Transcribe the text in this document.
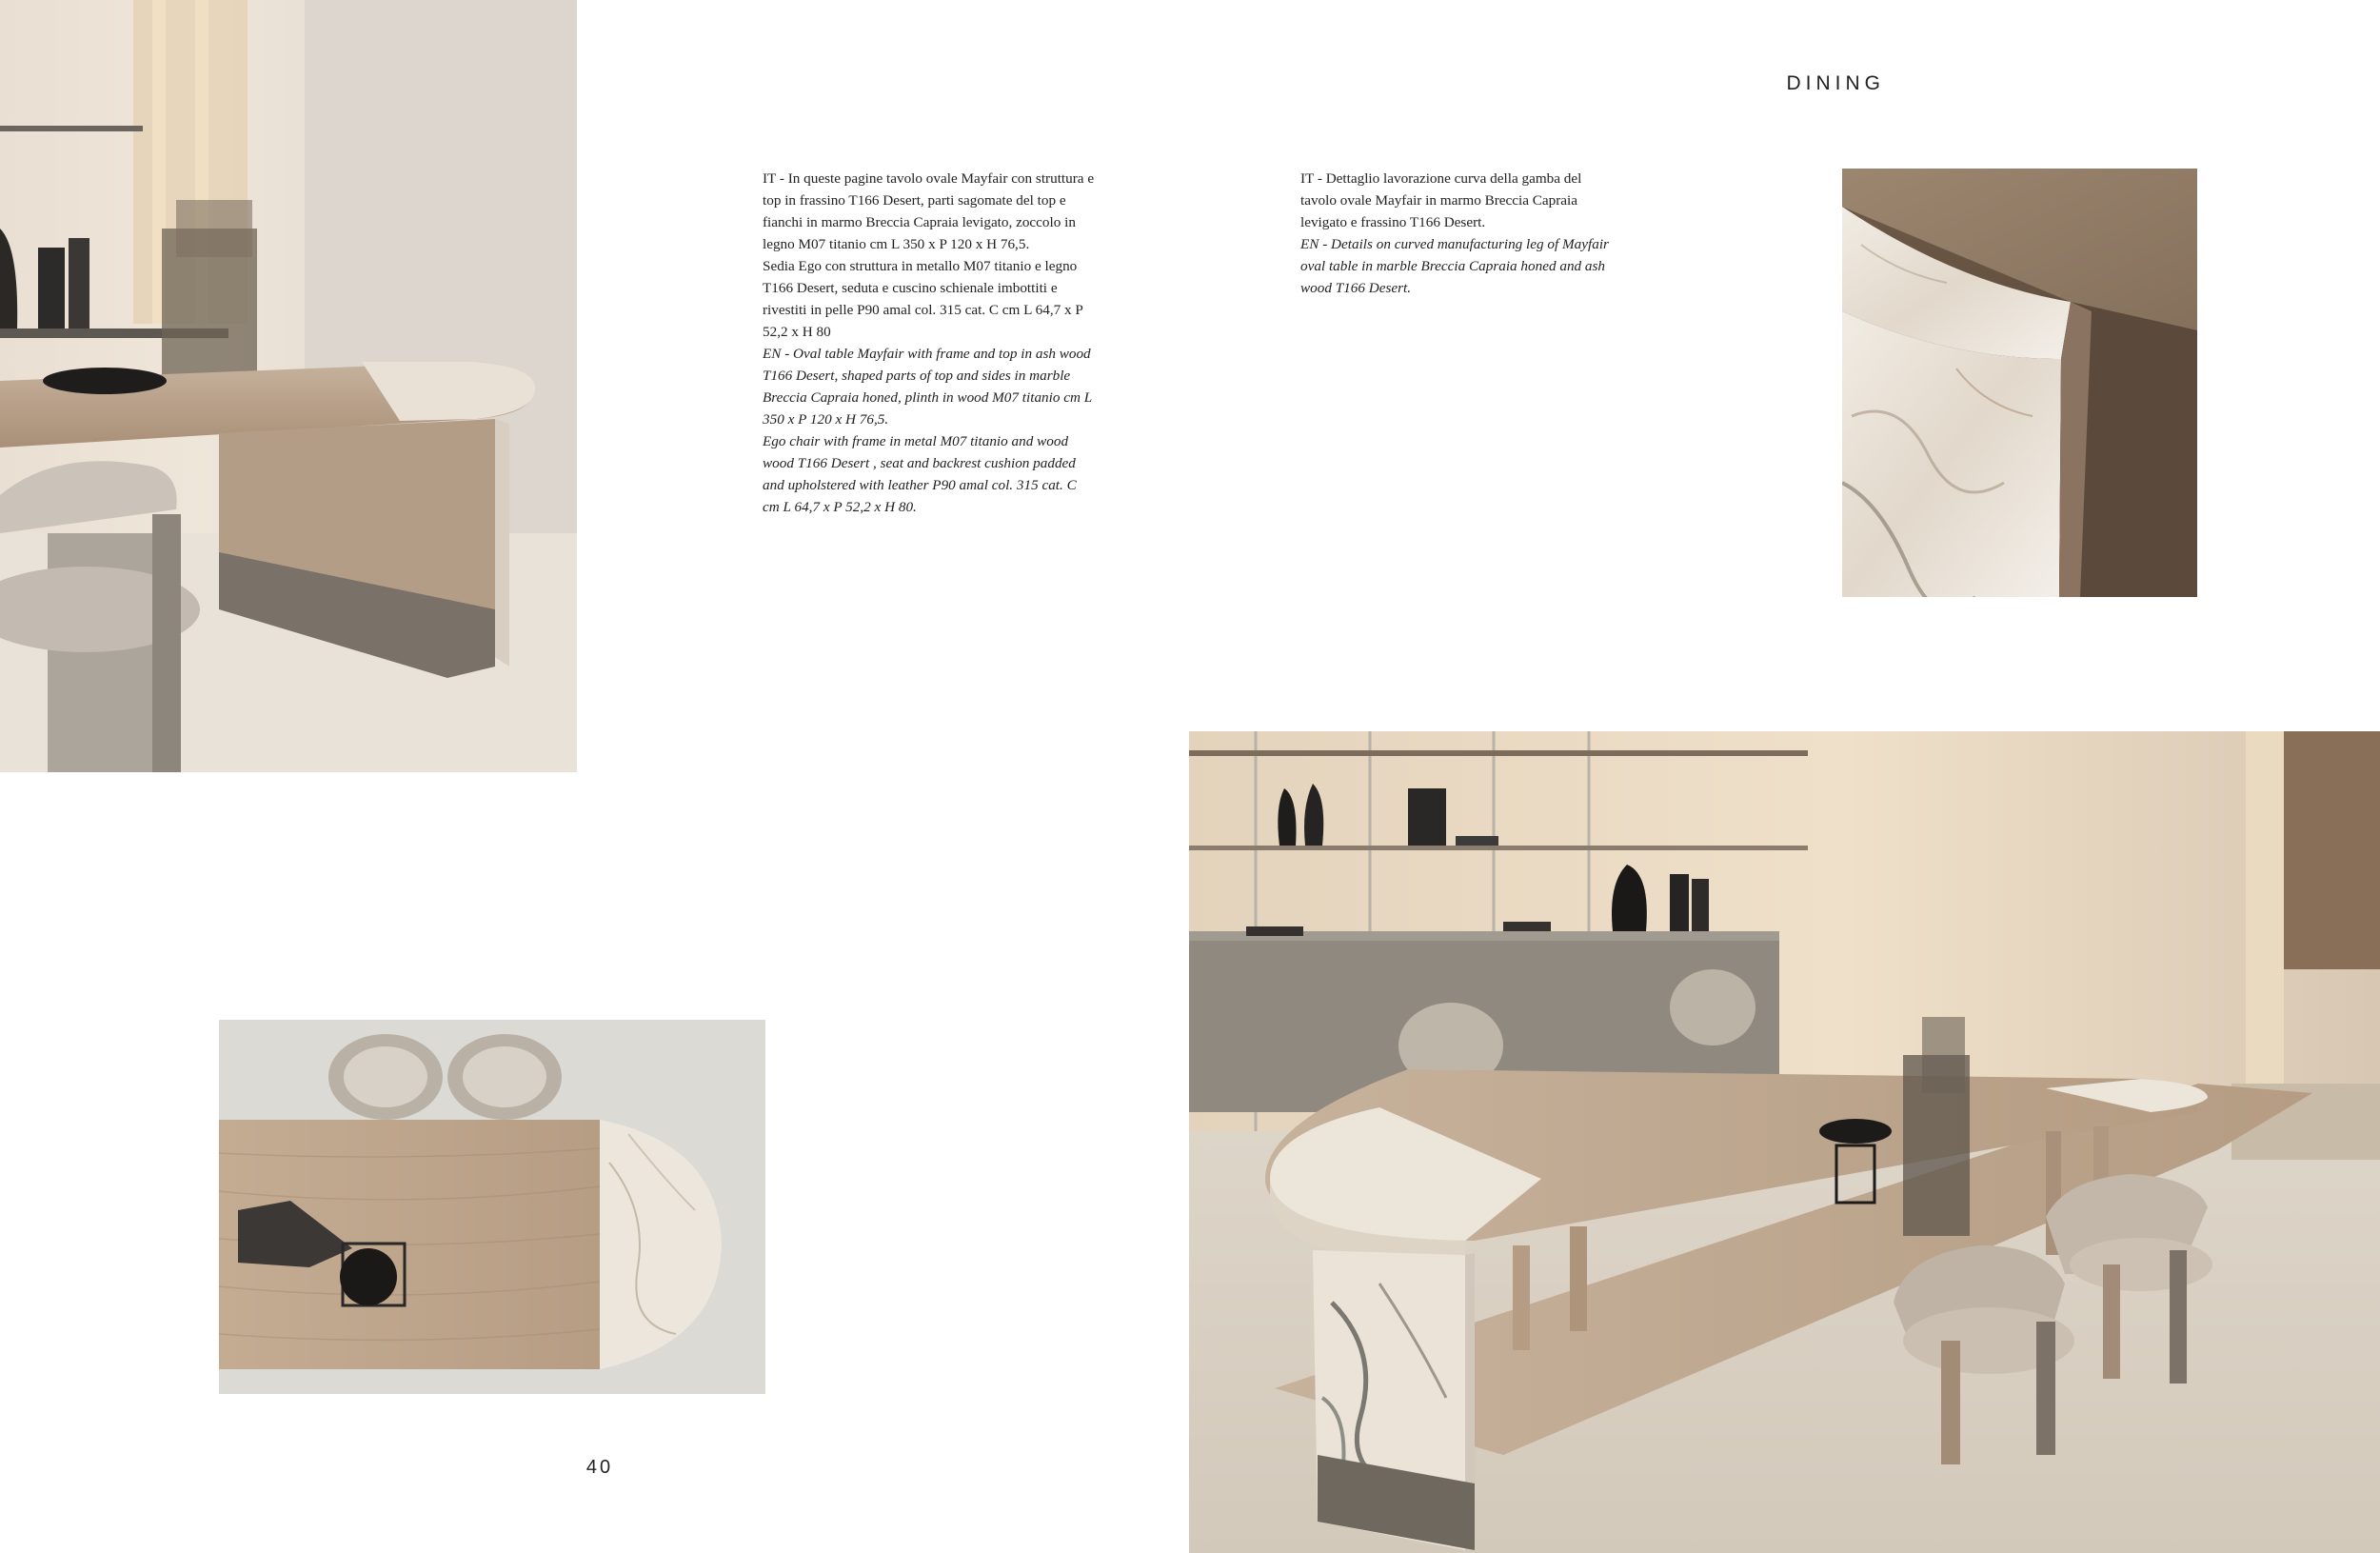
DINING

IT - In queste pagine tavolo ovale Mayfair con struttura e top in frassino T166 Desert, parti sagomate del top e fianchi in marmo Breccia Capraia levigato, zoccolo in legno M07 titanio cm L 350 x P 120 x H 76,5.

Sedia Ego con struttura in metallo M07 titanio e legno T166 Desert, seduta e cuscino schienale imbottiti e rivestiti in pelle P90 amal col. 315 cat. C cm L 64,7 x P 52,2 x H 80

EN - Oval table Mayfair with frame and top in ash wood T166 Desert, shaped parts of top and sides in marble Breccia Capraia honed, plinth in wood M07 titanio cm L 350 x P 120 x H 76,5.

Ego chair with frame in metal M07 titanio and wood wood T166 Desert , seat and backrest cushion padded and upholstered with leather P90 amal col. 315 cat. C cm L 64,7 x P 52,2 x H 80.

IT - Dettaglio lavorazione curva della gamba del tavolo ovale Mayfair in marmo Breccia Capraia levigato e frassino T166 Desert.

EN - Details on curved manufacturing leg of Mayfair oval table in marble Breccia Capraia honed and ash wood T166 Desert.

40
